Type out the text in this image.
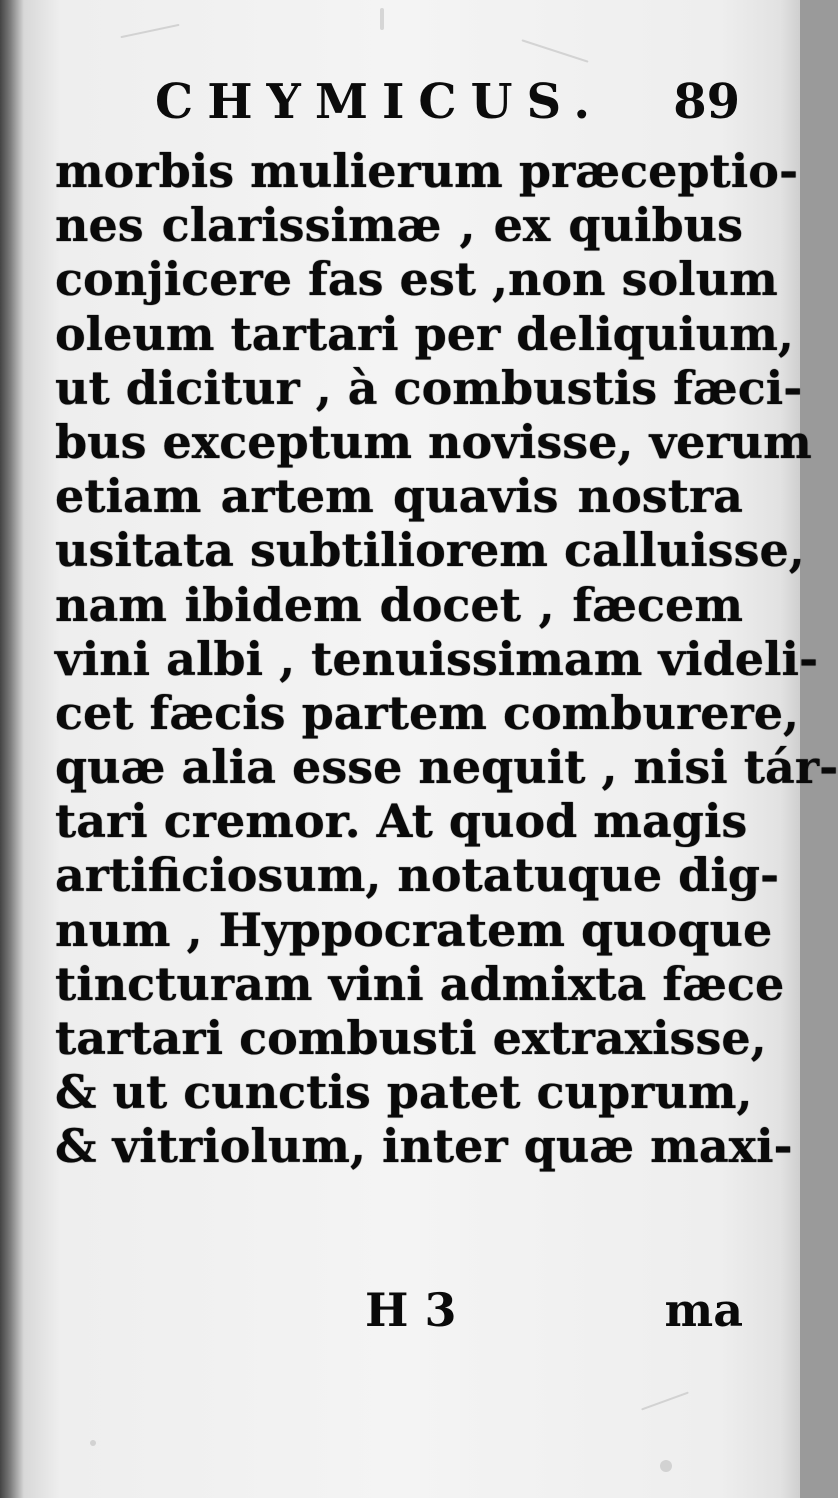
CHYMICUS. 89
morbis mulierum præceptio-
nes clarissimæ , ex quibus
conjicere fas est ,non solum
oleum tartari per deliquium,
ut dicitur , à combustis fæci-
bus exceptum novisse, verum
etiam artem quavis nostra
usitata subtiliorem calluisse,
nam ibidem docet , fæcem
vini albi , tenuissimam videli-
cet fæcis partem comburere,
quæ alia esse nequit , nisi tár-
tari cremor. At quod magis
artificiosum, notatuque dig-
num , Hyppocratem quoque
tincturam vini admixta fæce
tartari combusti extraxisse,
& ut cunctis patet cuprum,
& vitriolum, inter quæ maxi-
H 3	ma
